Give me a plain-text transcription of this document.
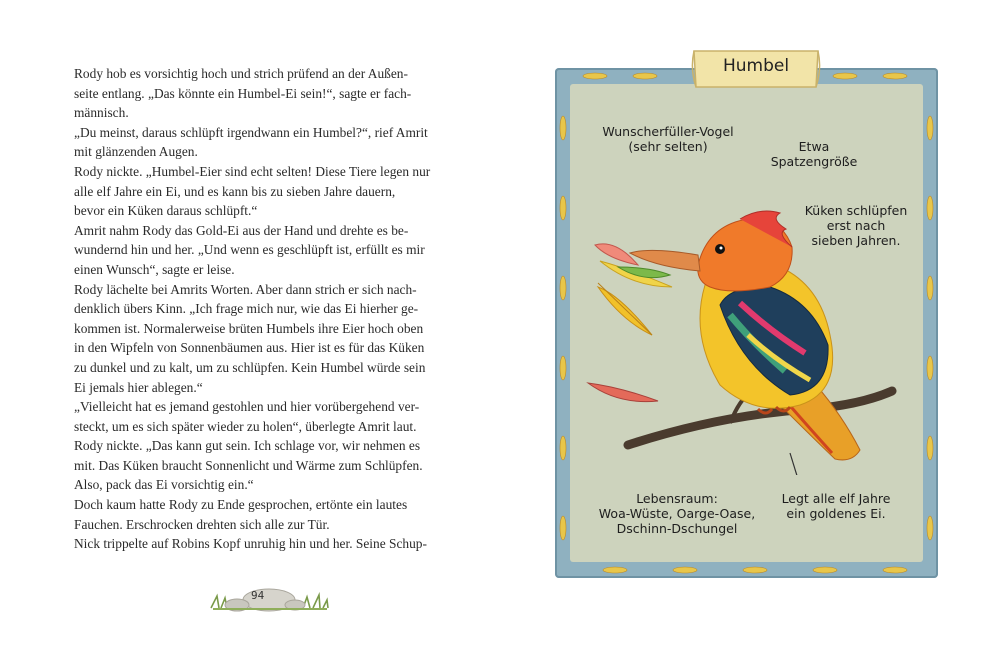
Rody hob es vorsichtig hoch und strich prüfend an der Außen-

seite entlang. „Das könnte ein Humbel-Ei sein!“, sagte er fach-

männisch.

„Du meinst, daraus schlüpft irgendwann ein Humbel?“, rief Amrit

mit glänzenden Augen.

Rody nickte. „Humbel-Eier sind echt selten! Diese Tiere legen nur

alle elf Jahre ein Ei, und es kann bis zu sieben Jahre dauern,

bevor ein Küken daraus schlüpft.“

Amrit nahm Rody das Gold-Ei aus der Hand und drehte es be-

wundernd hin und her. „Und wenn es geschlüpft ist, erfüllt es mir

einen Wunsch“, sagte er leise.

Rody lächelte bei Amrits Worten. Aber dann strich er sich nach-

denklich übers Kinn. „Ich frage mich nur, wie das Ei hierher ge-

kommen ist. Normalerweise brüten Humbels ihre Eier hoch oben

in den Wipfeln von Sonnenbäumen aus. Hier ist es für das Küken

zu dunkel und zu kalt, um zu schlüpfen. Kein Humbel würde sein

Ei jemals hier ablegen.“

„Vielleicht hat es jemand gestohlen und hier vorübergehend ver-

steckt, um es sich später wieder zu holen“, überlegte Amrit laut.

Rody nickte. „Das kann gut sein. Ich schlage vor, wir nehmen es

mit. Das Küken braucht Sonnenlicht und Wärme zum Schlüpfen.

Also, pack das Ei vorsichtig ein.“

Doch kaum hatte Rody zu Ende gesprochen, ertönte ein lautes

Fauchen. Erschrocken drehten sich alle zur Tür.

Nick trippelte auf Robins Kopf unruhig hin und her. Seine Schup-

94
Humbel
Wunscherfüller-Vogel
(sehr selten)	Etwa
Spatzengröße
Küken schlüpfen
erst nach
sieben Jahren.
Lebensraum:
Woa-Wüste, Oarge-Oase,
Dschinn-Dschungel
Legt alle elf Jahre
ein goldenes Ei.
